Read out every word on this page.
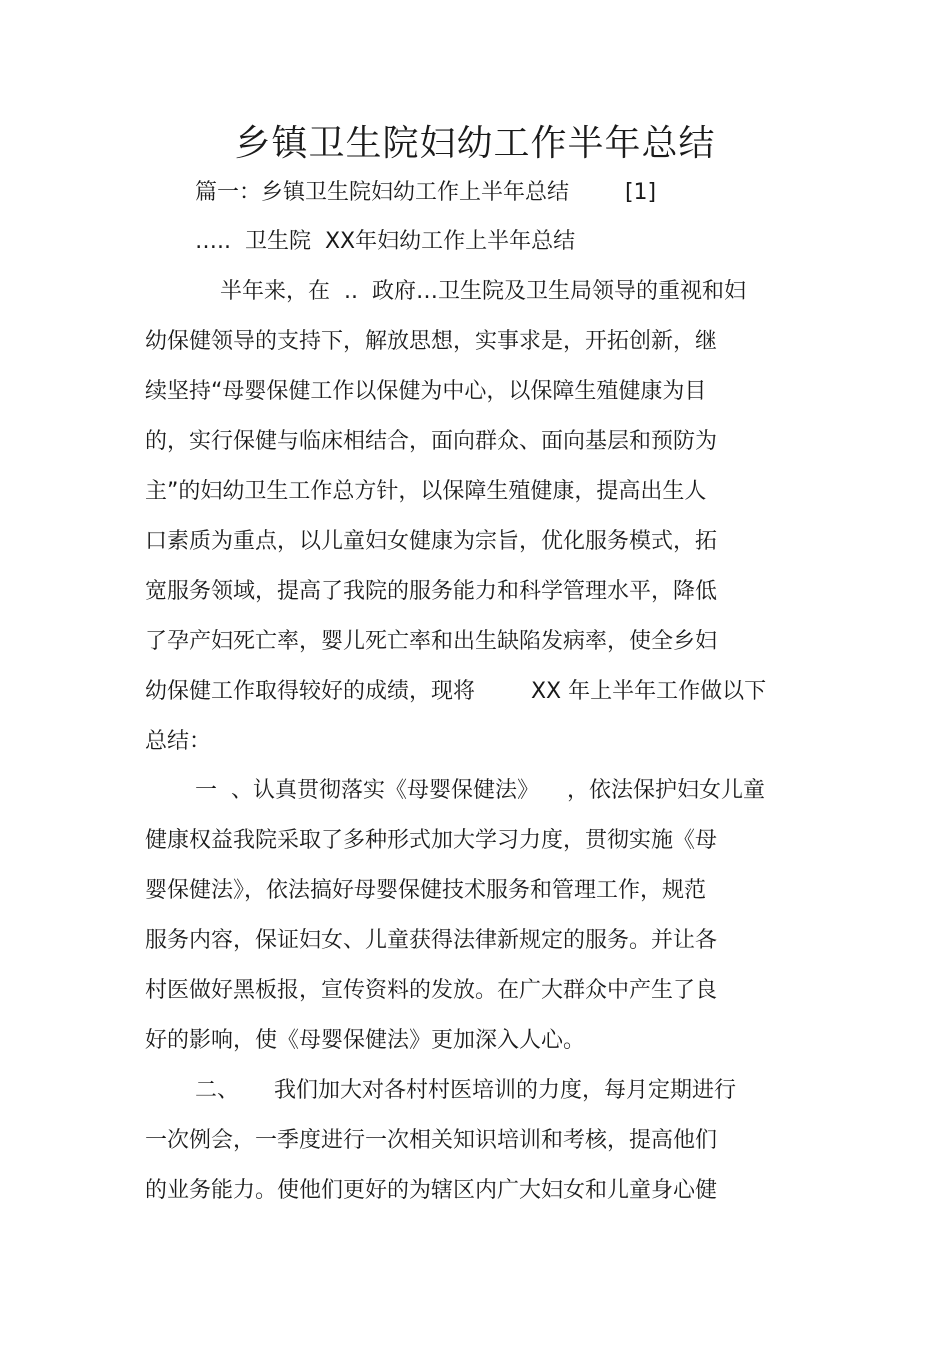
乡镇卫生院妇幼工作半年总结
篇一：乡镇卫生院妇幼工作上半年总结        [1]
…..  卫生院  XX年妇幼工作上半年总结
半年来，在  ..  政府…卫生院及卫生局领导的重视和妇
幼保健领导的支持下，解放思想，实事求是，开拓创新，继
续坚持“母婴保健工作以保健为中心，以保障生殖健康为目
的，实行保健与临床相结合，面向群众、面向基层和预防为
主”的妇幼卫生工作总方针，以保障生殖健康，提高出生人
口素质为重点，以儿童妇女健康为宗旨，优化服务模式，拓
宽服务领域，提高了我院的服务能力和科学管理水平，降低
了孕产妇死亡率，婴儿死亡率和出生缺陷发病率，使全乡妇
幼保健工作取得较好的成绩，现将        XX 年上半年工作做以下
总结：
一  、认真贯彻落实《母婴保健法》    ，依法保护妇女儿童
健康权益我院采取了多种形式加大学习力度，贯彻实施《母
婴保健法》，依法搞好母婴保健技术服务和管理工作，规范
服务内容，保证妇女、儿童获得法律新规定的服务。并让各
村医做好黑板报，宣传资料的发放。在广大群众中产生了良
好的影响，使《母婴保健法》更加深入人心。
二、     我们加大对各村村医培训的力度，每月定期进行
一次例会，一季度进行一次相关知识培训和考核，提高他们
的业务能力。使他们更好的为辖区内广大妇女和儿童身心健
